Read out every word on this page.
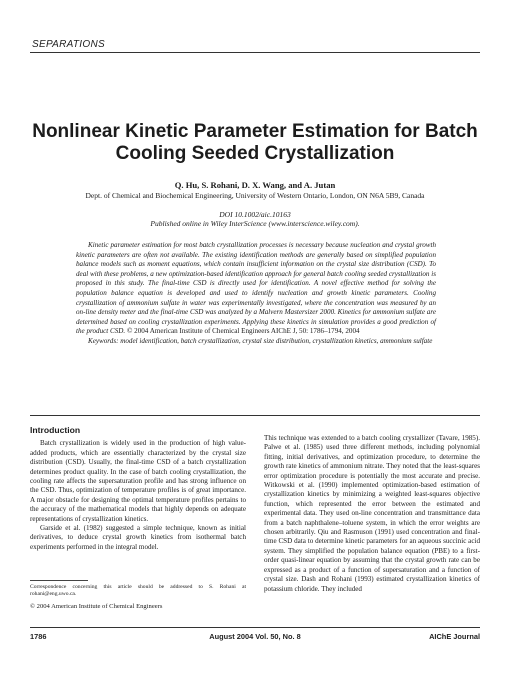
SEPARATIONS
Nonlinear Kinetic Parameter Estimation for Batch
Cooling Seeded Crystallization
Q. Hu, S. Rohani, D. X. Wang, and A. Jutan
Dept. of Chemical and Biochemical Engineering, University of Western Ontario, London, ON N6A 5B9, Canada
DOI 10.1002/aic.10163
Published online in Wiley InterScience (www.interscience.wiley.com).

Kinetic parameter estimation for most batch crystallization processes is necessary because nucleation and crystal growth kinetic parameters are often not available. The existing identification methods are generally based on simplified population balance models such as moment equations, which contain insufficient information on the crystal size distribution (CSD). To deal with these problems, a new optimization-based identification approach for general batch cooling seeded crystallization is proposed in this study. The final-time CSD is directly used for identification. A novel effective method for solving the population balance equation is developed and used to identify nucleation and growth kinetic parameters. Cooling crystallization of ammonium sulfate in water was experimentally investigated, where the concentration was measured by an on-line density meter and the final-time CSD was analyzed by a Malvern Mastersizer 2000. Kinetics for ammonium sulfate are determined based on cooling crystallization experiments. Applying these kinetics in simulation provides a good prediction of the product CSD. © 2004 American Institute of Chemical Engineers AIChE J, 50: 1786–1794, 2004

Keywords: model identification, batch crystallization, crystal size distribution, crystallization kinetics, ammonium sulfate

Introduction

Batch crystallization is widely used in the production of high value-added products, which are essentially characterized by the crystal size distribution (CSD). Usually, the final-time CSD of a batch crystallization determines product quality. In the case of batch cooling crystallization, the cooling rate affects the supersaturation profile and has strong influence on the CSD. Thus, optimization of temperature profiles is of great importance. A major obstacle for designing the optimal temperature profiles pertains to the accuracy of the mathematical models that highly depends on adequate representations of crystallization kinetics.

Garside et al. (1982) suggested a simple technique, known as initial derivatives, to deduce crystal growth kinetics from isothermal batch experiments performed in the integral model.

This technique was extended to a batch cooling crystallizer (Tavare, 1985). Palwe et al. (1985) used three different methods, including polynomial fitting, initial derivatives, and optimization procedure, to determine the growth rate kinetics of ammonium nitrate. They noted that the least-squares error optimization procedure is potentially the most accurate and precise. Witkowski et al. (1990) implemented optimization-based estimation of crystallization kinetics by minimizing a weighted least-squares objective function, which represented the error between the estimated and experimental data. They used on-line concentration and transmittance data from a batch naphthalene–toluene system, in which the error weights are chosen arbitrarily. Qiu and Rasmuson (1991) used concentration and final-time CSD data to determine kinetic parameters for an aqueous succinic acid system. They simplified the population balance equation (PBE) to a first-order quasi-linear equation by assuming that the crystal growth rate can be expressed as a product of a function of supersaturation and a function of crystal size. Dash and Rohani (1993) estimated crystallization kinetics of potassium chloride. They included

Correspondence concerning this article should be addressed to S. Rohani at rohani@eng.uwo.ca.
© 2004 American Institute of Chemical Engineers
1786	August 2004 Vol. 50, No. 8	AIChE Journal
